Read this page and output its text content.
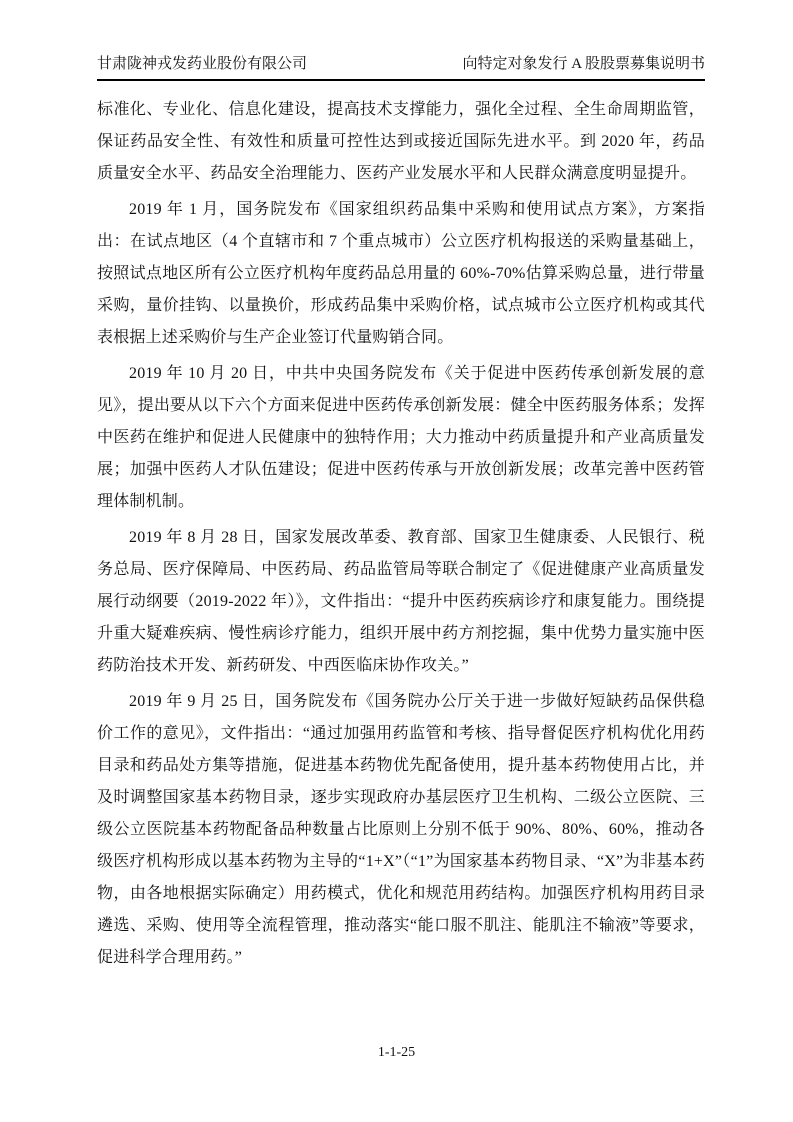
甘肃陇神戎发药业股份有限公司	向特定对象发行 A 股股票募集说明书

标准化、专业化、信息化建设，提高技术支撑能力，强化全过程、全生命周期监管，保证药品安全性、有效性和质量可控性达到或接近国际先进水平。到 2020 年，药品质量安全水平、药品安全治理能力、医药产业发展水平和人民群众满意度明显提升。

2019 年 1 月，国务院发布《国家组织药品集中采购和使用试点方案》，方案指出：在试点地区（4 个直辖市和 7 个重点城市）公立医疗机构报送的采购量基础上，按照试点地区所有公立医疗机构年度药品总用量的 60%-70%估算采购总量，进行带量采购，量价挂钩、以量换价，形成药品集中采购价格，试点城市公立医疗机构或其代表根据上述采购价与生产企业签订代量购销合同。

2019 年 10 月 20 日，中共中央国务院发布《关于促进中医药传承创新发展的意见》，提出要从以下六个方面来促进中医药传承创新发展：健全中医药服务体系；发挥中医药在维护和促进人民健康中的独特作用；大力推动中药质量提升和产业高质量发展；加强中医药人才队伍建设；促进中医药传承与开放创新发展；改革完善中医药管理体制机制。

2019 年 8 月 28 日，国家发展改革委、教育部、国家卫生健康委、人民银行、税务总局、医疗保障局、中医药局、药品监管局等联合制定了《促进健康产业高质量发展行动纲要（2019-2022 年）》，文件指出：“提升中医药疾病诊疗和康复能力。围绕提升重大疑难疾病、慢性病诊疗能力，组织开展中药方剂挖掘，集中优势力量实施中医药防治技术开发、新药研发、中西医临床协作攻关。”

2019 年 9 月 25 日，国务院发布《国务院办公厅关于进一步做好短缺药品保供稳价工作的意见》，文件指出：“通过加强用药监管和考核、指导督促医疗机构优化用药目录和药品处方集等措施，促进基本药物优先配备使用，提升基本药物使用占比，并及时调整国家基本药物目录，逐步实现政府办基层医疗卫生机构、二级公立医院、三级公立医院基本药物配备品种数量占比原则上分别不低于 90%、80%、60%，推动各级医疗机构形成以基本药物为主导的“1+X”（“1”为国家基本药物目录、“X”为非基本药物，由各地根据实际确定）用药模式，优化和规范用药结构。加强医疗机构用药目录遴选、采购、使用等全流程管理，推动落实“能口服不肌注、能肌注不输液”等要求，促进科学合理用药。”

1-1-25
